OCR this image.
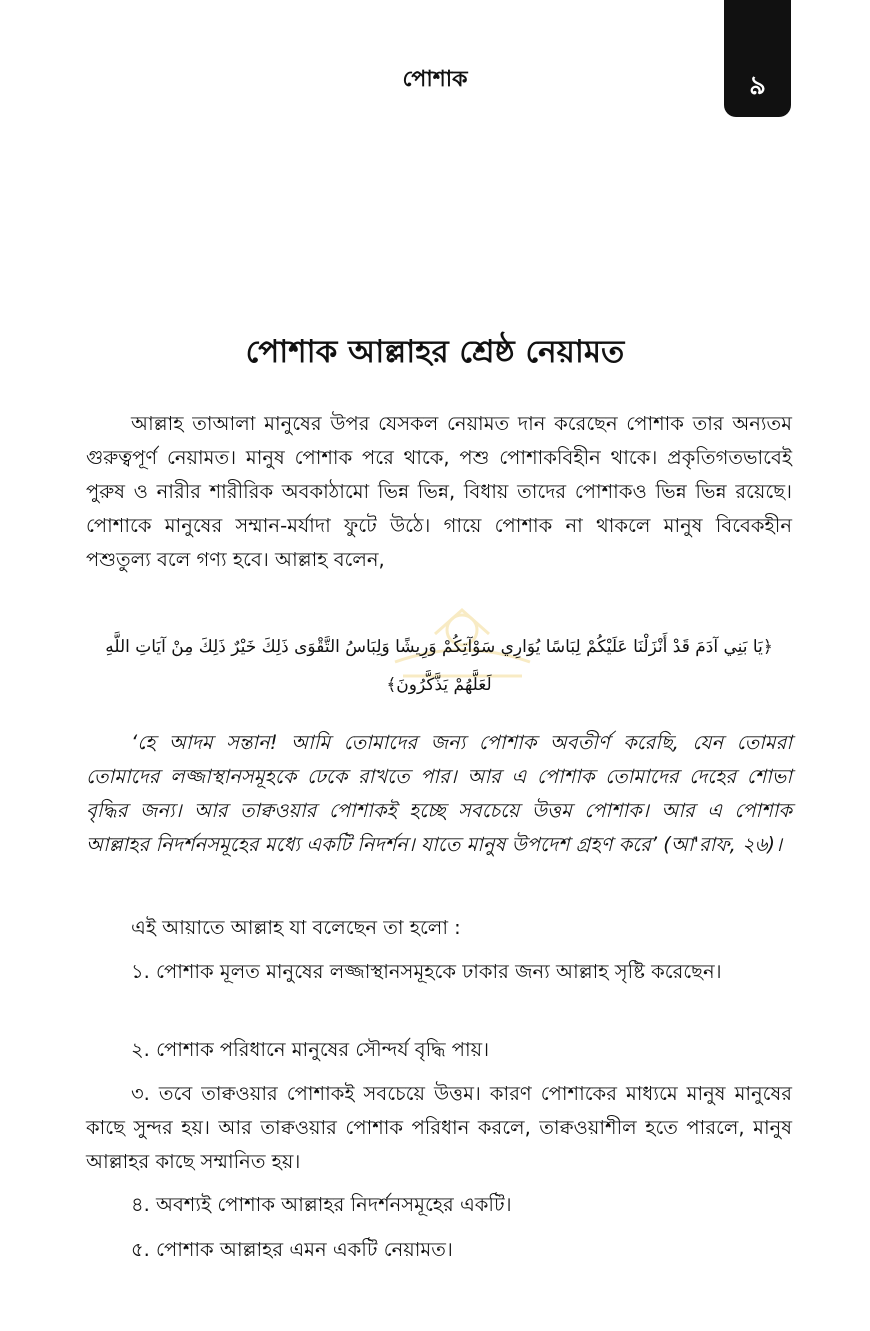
পোশাক	৯
পোশাক আল্লাহর শ্রেষ্ঠ নেয়ামত

আল্লাহ তাআলা মানুষের উপর যেসকল নেয়ামত দান করেছেন পোশাক তার অন্যতম গুরুত্বপূর্ণ নেয়ামত। মানুষ পোশাক পরে থাকে, পশু পোশাকবিহীন থাকে। প্রকৃতিগতভাবেই পুরুষ ও নারীর শারীরিক অবকাঠামো ভিন্ন ভিন্ন, বিধায় তাদের পোশাকও ভিন্ন ভিন্ন রয়েছে। পোশাকে মানুষের সম্মান-মর্যাদা ফুটে উঠে। গায়ে পোশাক না থাকলে মানুষ বিবেকহীন পশুতুল্য বলে গণ্য হবে। আল্লাহ বলেন,

﴿يَا بَنِي آدَمَ قَدْ أَنْزَلْنَا عَلَيْكُمْ لِبَاسًا يُوَارِي سَوْآتِكُمْ وَرِيشًا وَلِبَاسُ التَّقْوَى ذَلِكَ خَيْرٌ ذَلِكَ مِنْ آيَاتِ اللَّهِ لَعَلَّهُمْ يَذَّكَّرُونَ﴾

‘হে আদম সন্তান! আমি তোমাদের জন্য পোশাক অবতীর্ণ করেছি, যেন তোমরা তোমাদের লজ্জাস্থানসমূহকে ঢেকে রাখতে পার। আর এ পোশাক তোমাদের দেহের শোভা বৃদ্ধির জন্য। আর তাক্বওয়ার পোশাকই হচ্ছে সবচেয়ে উত্তম পোশাক। আর এ পোশাক আল্লাহর নিদর্শনসমূহের মধ্যে একটি নিদর্শন। যাতে মানুষ উপদেশ গ্রহণ করে’ (আ'রাফ, ২৬)।

এই আয়াতে আল্লাহ যা বলেছেন তা হলো :

১. পোশাক মূলত মানুষের লজ্জাস্থানসমূহকে ঢাকার জন্য আল্লাহ সৃষ্টি করেছেন।

২. পোশাক পরিধানে মানুষের সৌন্দর্য বৃদ্ধি পায়।

৩. তবে তাক্বওয়ার পোশাকই সবচেয়ে উত্তম। কারণ পোশাকের মাধ্যমে মানুষ মানুষের কাছে সুন্দর হয়। আর তাক্বওয়ার পোশাক পরিধান করলে, তাক্বওয়াশীল হতে পারলে, মানুষ আল্লাহর কাছে সম্মানিত হয়।

৪. অবশ্যই পোশাক আল্লাহর নিদর্শনসমূহের একটি।

৫. পোশাক আল্লাহর এমন একটি নেয়ামত।
